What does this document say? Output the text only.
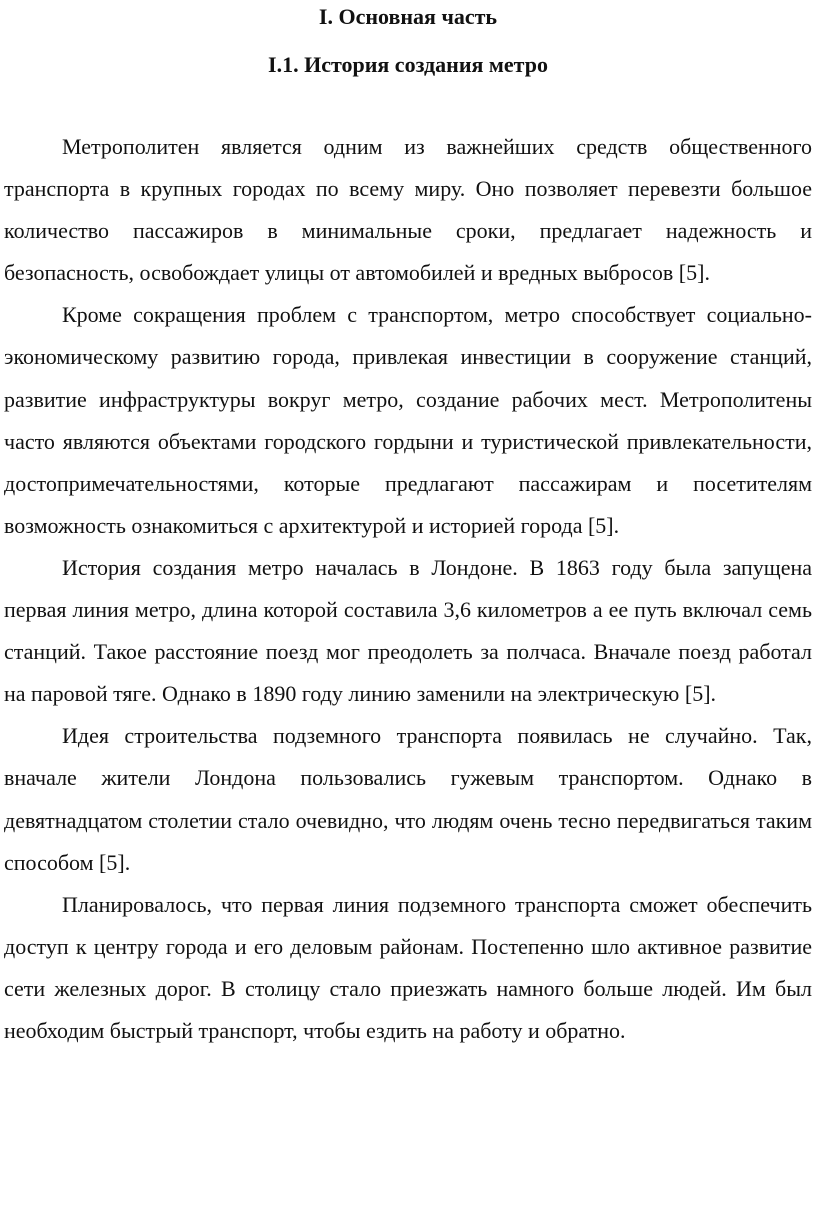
I. Основная часть
I.1. История создания метро

Метрополитен является одним из важнейших средств общественного транспорта в крупных городах по всему миру. Оно позволяет перевезти большое количество пассажиров в минимальные сроки, предлагает надежность и безопасность, освобождает улицы от автомобилей и вредных выбросов [5].

Кроме сокращения проблем с транспортом, метро способствует социально-экономическому развитию города, привлекая инвестиции в сооружение станций, развитие инфраструктуры вокруг метро, создание рабочих мест. Метрополитены часто являются объектами городского гордыни и туристической привлекательности, достопримечательностями, которые предлагают пассажирам и посетителям возможность ознакомиться с архитектурой и историей города [5].

История создания метро началась в Лондоне. В 1863 году была запущена первая линия метро, длина которой составила 3,6 километров а ее путь включал семь станций. Такое расстояние поезд мог преодолеть за полчаса. Вначале поезд работал на паровой тяге. Однако в 1890 году линию заменили на электрическую [5].

Идея строительства подземного транспорта появилась не случайно. Так, вначале жители Лондона пользовались гужевым транспортом. Однако в девятнадцатом столетии стало очевидно, что людям очень тесно передвигаться таким способом [5].

Планировалось, что первая линия подземного транспорта сможет обеспечить доступ к центру города и его деловым районам. Постепенно шло активное развитие сети железных дорог. В столицу стало приезжать намного больше людей. Им был необходим быстрый транспорт, чтобы ездить на работу и обратно.
